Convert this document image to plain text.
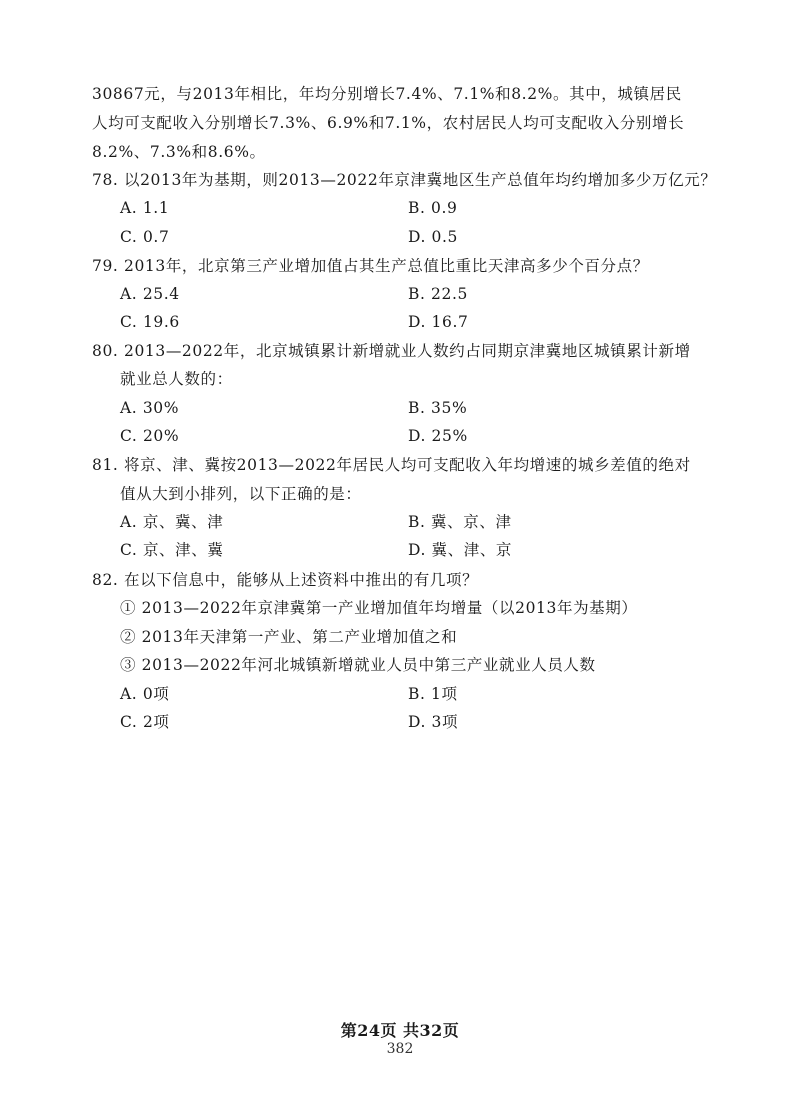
30867元，与2013年相比，年均分别增长7.4%、7.1%和8.2%。其中，城镇居民
人均可支配收入分别增长7.3%、6.9%和7.1%，农村居民人均可支配收入分别增长
8.2%、7.3%和8.6%。
78. 以2013年为基期，则2013—2022年京津冀地区生产总值年均约增加多少万亿元？
A. 1.1	B. 0.9
C. 0.7	D. 0.5
79. 2013年，北京第三产业增加值占其生产总值比重比天津高多少个百分点？
A. 25.4	B. 22.5
C. 19.6	D. 16.7
80. 2013—2022年，北京城镇累计新增就业人数约占同期京津冀地区城镇累计新增
就业总人数的：
A. 30%	B. 35%
C. 20%	D. 25%
81. 将京、津、冀按2013—2022年居民人均可支配收入年均增速的城乡差值的绝对
值从大到小排列，以下正确的是：
A. 京、冀、津	B. 冀、京、津
C. 京、津、冀	D. 冀、津、京
82. 在以下信息中，能够从上述资料中推出的有几项？
① 2013—2022年京津冀第一产业增加值年均增量（以2013年为基期）
② 2013年天津第一产业、第二产业增加值之和
③ 2013—2022年河北城镇新增就业人员中第三产业就业人员人数
A. 0项	B. 1项
C. 2项	D. 3项
第24页 共32页
382
